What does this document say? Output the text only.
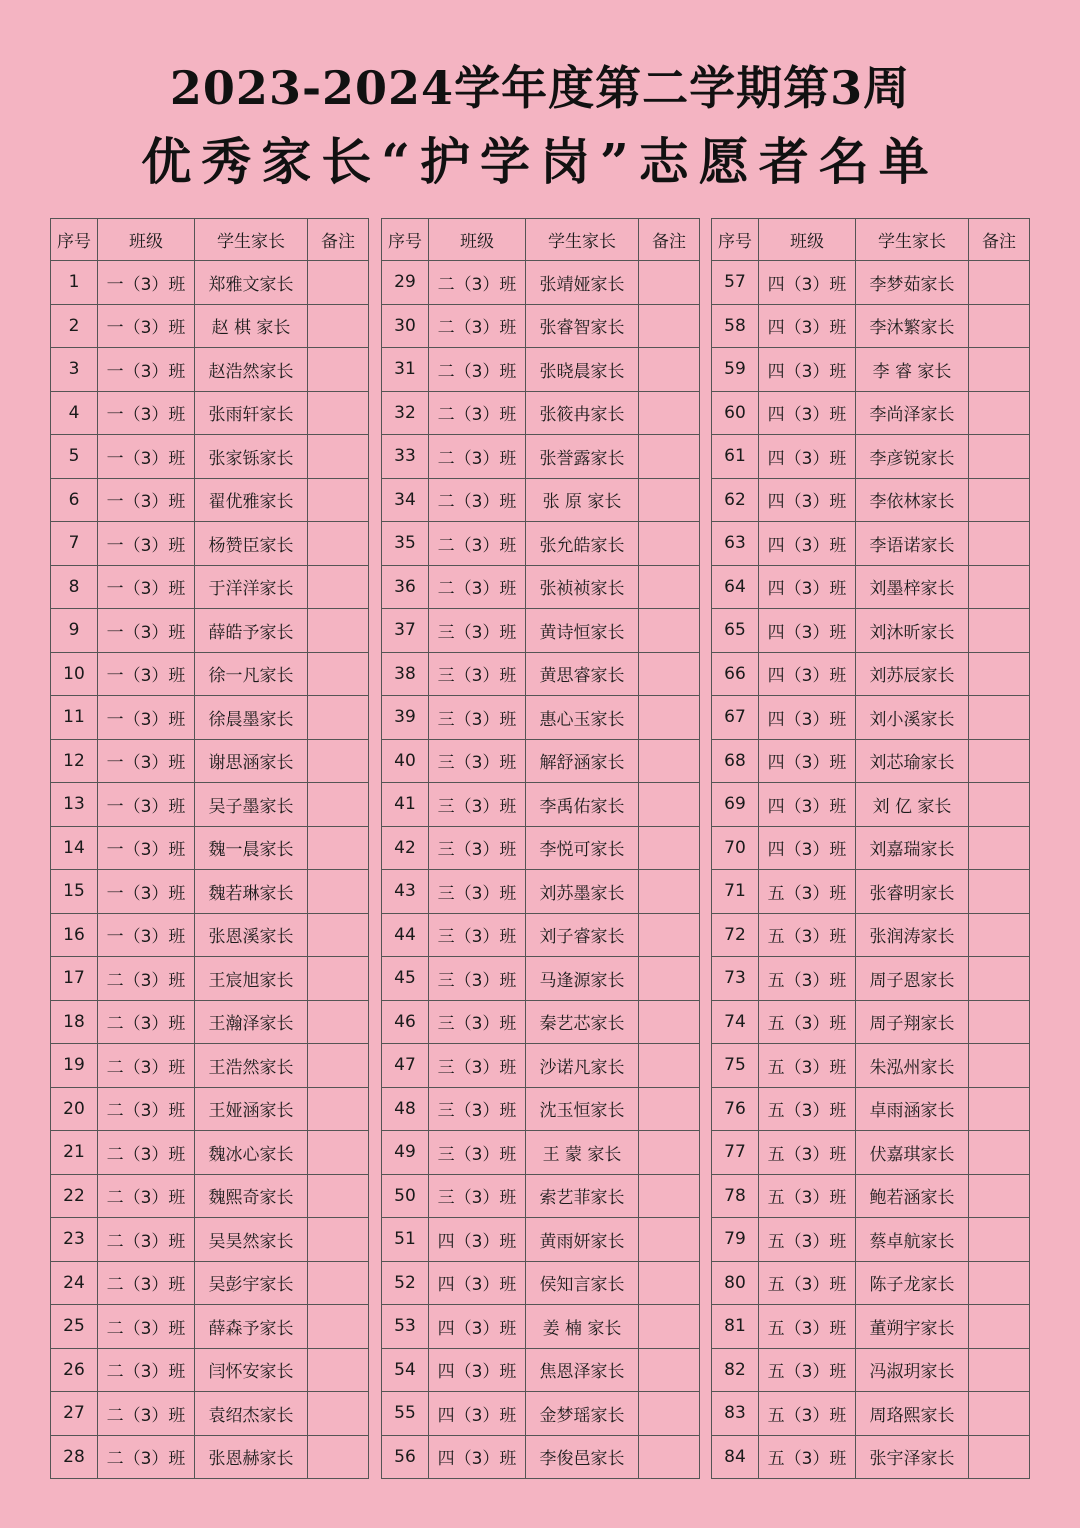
2023-2024学年度第二学期第3周
优秀家长“护学岗”志愿者名单
序号	班级	学生家长	备注
1	一（3）班	郑雅文家长	
2	一（3）班	赵 棋 家长	
3	一（3）班	赵浩然家长	
4	一（3）班	张雨轩家长	
5	一（3）班	张家铄家长	
6	一（3）班	翟优雅家长	
7	一（3）班	杨赞臣家长	
8	一（3）班	于洋洋家长	
9	一（3）班	薛皓予家长	
10	一（3）班	徐一凡家长	
11	一（3）班	徐晨墨家长	
12	一（3）班	谢思涵家长	
13	一（3）班	吴子墨家长	
14	一（3）班	魏一晨家长	
15	一（3）班	魏若琳家长	
16	一（3）班	张恩溪家长	
17	二（3）班	王宸旭家长	
18	二（3）班	王瀚泽家长	
19	二（3）班	王浩然家长	
20	二（3）班	王娅涵家长	
21	二（3）班	魏冰心家长	
22	二（3）班	魏熙奇家长	
23	二（3）班	吴昊然家长	
24	二（3）班	吴彭宇家长	
25	二（3）班	薛森予家长	
26	二（3）班	闫怀安家长	
27	二（3）班	袁绍杰家长	
28	二（3）班	张恩赫家长	
序号	班级	学生家长	备注
29	二（3）班	张靖娅家长	
30	二（3）班	张睿智家长	
31	二（3）班	张晓晨家长	
32	二（3）班	张筱冉家长	
33	二（3）班	张誉露家长	
34	二（3）班	张 原 家长	
35	二（3）班	张允皓家长	
36	二（3）班	张祯祯家长	
37	三（3）班	黄诗恒家长	
38	三（3）班	黄思睿家长	
39	三（3）班	惠心玉家长	
40	三（3）班	解舒涵家长	
41	三（3）班	李禹佑家长	
42	三（3）班	李悦可家长	
43	三（3）班	刘苏墨家长	
44	三（3）班	刘子睿家长	
45	三（3）班	马逢源家长	
46	三（3）班	秦艺芯家长	
47	三（3）班	沙诺凡家长	
48	三（3）班	沈玉恒家长	
49	三（3）班	王 蒙 家长	
50	三（3）班	索艺菲家长	
51	四（3）班	黄雨妍家长	
52	四（3）班	侯知言家长	
53	四（3）班	姜 楠 家长	
54	四（3）班	焦恩泽家长	
55	四（3）班	金梦瑶家长	
56	四（3）班	李俊邑家长	
序号	班级	学生家长	备注
57	四（3）班	李梦茹家长	
58	四（3）班	李沐繁家长	
59	四（3）班	李 睿 家长	
60	四（3）班	李尚泽家长	
61	四（3）班	李彦锐家长	
62	四（3）班	李依林家长	
63	四（3）班	李语诺家长	
64	四（3）班	刘墨梓家长	
65	四（3）班	刘沐昕家长	
66	四（3）班	刘苏辰家长	
67	四（3）班	刘小溪家长	
68	四（3）班	刘芯瑜家长	
69	四（3）班	刘 亿 家长	
70	四（3）班	刘嘉瑞家长	
71	五（3）班	张睿明家长	
72	五（3）班	张润涛家长	
73	五（3）班	周子恩家长	
74	五（3）班	周子翔家长	
75	五（3）班	朱泓州家长	
76	五（3）班	卓雨涵家长	
77	五（3）班	伏嘉琪家长	
78	五（3）班	鲍若涵家长	
79	五（3）班	蔡卓航家长	
80	五（3）班	陈子龙家长	
81	五（3）班	董朔宇家长	
82	五（3）班	冯淑玥家长	
83	五（3）班	周珞熙家长	
84	五（3）班	张宇泽家长	
